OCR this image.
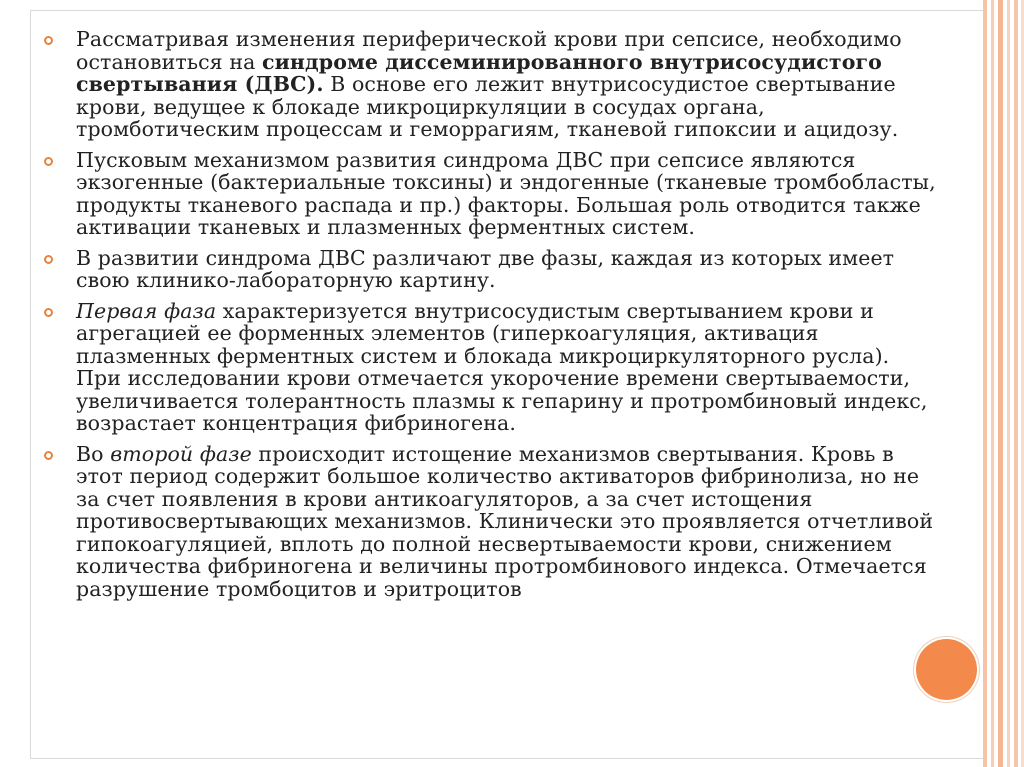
Рассматривая изменения периферической крови при сепсисе, необходимо остановиться на синдроме диссеминированного внутрисосудистого свертывания (ДВС). В основе его лежит внутрисосудистое свертывание крови, ведущее к блокаде микроциркуляции в сосудах органа, тромботическим процессам и геморрагиям, тканевой гипоксии и ацидозу.
Пусковым механизмом развития синдрома ДВС при сепсисе являются экзогенные (бактериальные токсины) и эндогенные (тканевые тромбобласты, продукты тканевого распада и пр.) факторы. Большая роль отводится также активации тканевых и плазменных ферментных систем.
В развитии синдрома ДВС различают две фазы, каждая из которых имеет свою клинико-лабораторную картину.
Первая фаза характеризуется внутрисосудистым свертыванием крови и агрегацией ее форменных элементов (гиперкоагуляция, активация плазменных ферментных систем и блокада микроциркуляторного русла). При исследовании крови отмечается укорочение времени свертываемости, увеличивается толерантность плазмы к гепарину и протромбиновый индекс, возрастает концентрация фибриногена.
Во второй фазе происходит истощение механизмов свертывания. Кровь в этот период содержит большое количество активаторов фибринолиза, но не за счет появления в крови антикоагуляторов, а за счет истощения противосвертывающих механизмов. Клинически это проявляется отчетливой гипокоагуляцией, вплоть до полной несвертываемости крови, снижением количества фибриногена и величины протромбинового индекса. Отмечается разрушение тромбоцитов и эритроцитов
